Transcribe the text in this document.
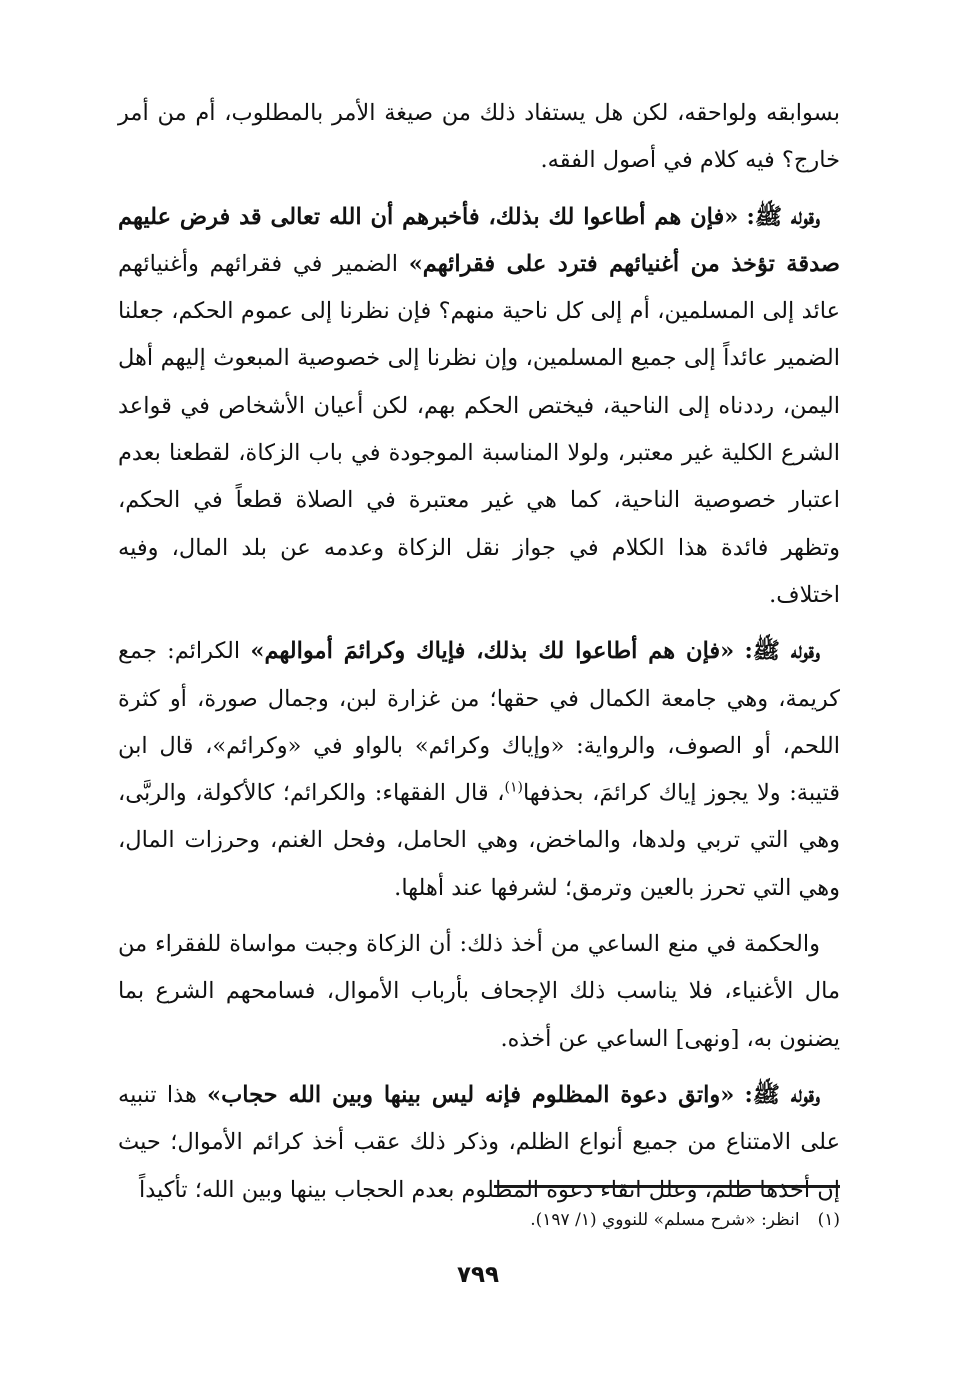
بسوابقه ولواحقه، لكن هل يستفاد ذلك من صيغة الأمر بالمطلوب، أم من أمر خارج؟ فيه كلام في أصول الفقه.

وقوله ﷺ: «فإن هم أطاعوا لك بذلك، فأخبرهم أن الله تعالى قد فرض عليهم صدقة تؤخذ من أغنيائهم فترد على فقرائهم» الضمير في فقرائهم وأغنيائهم عائد إلى المسلمين، أم إلى كل ناحية منهم؟ فإن نظرنا إلى عموم الحكم، جعلنا الضمير عائداً إلى جميع المسلمين، وإن نظرنا إلى خصوصية المبعوث إليهم أهل اليمن، رددناه إلى الناحية، فيختص الحكم بهم، لكن أعيان الأشخاص في قواعد الشرع الكلية غير معتبر، ولولا المناسبة الموجودة في باب الزكاة، لقطعنا بعدم اعتبار خصوصية الناحية، كما هي غير معتبرة في الصلاة قطعاً في الحكم، وتظهر فائدة هذا الكلام في جواز نقل الزكاة وعدمه عن بلد المال، وفيه اختلاف.

وقوله ﷺ: «فإن هم أطاعوا لك بذلك، فإياك وكرائمَ أموالهم» الكرائم: جمع كريمة، وهي جامعة الكمال في حقها؛ من غزارة لبن، وجمال صورة، أو كثرة اللحم، أو الصوف، والرواية: «وإياك وكرائم» بالواو في «وكرائم»، قال ابن قتيبة: ولا يجوز إياك كرائمَ، بحذفها$^{(١)}$، قال الفقهاء: والكرائم؛ كالأكولة، والربَّى، وهي التي تربي ولدها، والماخض، وهي الحامل، وفحل الغنم، وحرزات المال، وهي التي تحرز بالعين وترمق؛ لشرفها عند أهلها.

والحكمة في منع الساعي من أخذ ذلك: أن الزكاة وجبت مواساة للفقراء من مال الأغنياء، فلا يناسب ذلك الإجحاف بأرباب الأموال، فسامحهم الشرع بما يضنون به، [ونهى] الساعي عن أخذه.

وقوله ﷺ: «واتق دعوة المظلوم فإنه ليس بينها وبين الله حجاب» هذا تنبيه على الامتناع من جميع أنواع الظلم، وذكر ذلك عقب أخذ كرائم الأموال؛ حيث إن أخذها ظلم، وعلل اتقاء دعوة المظلوم بعدم الحجاب بينها وبين الله؛ تأكيداً

(١)انظر: «شرح مسلم» للنووي (١/ ١٩٧).
٧٩٩
